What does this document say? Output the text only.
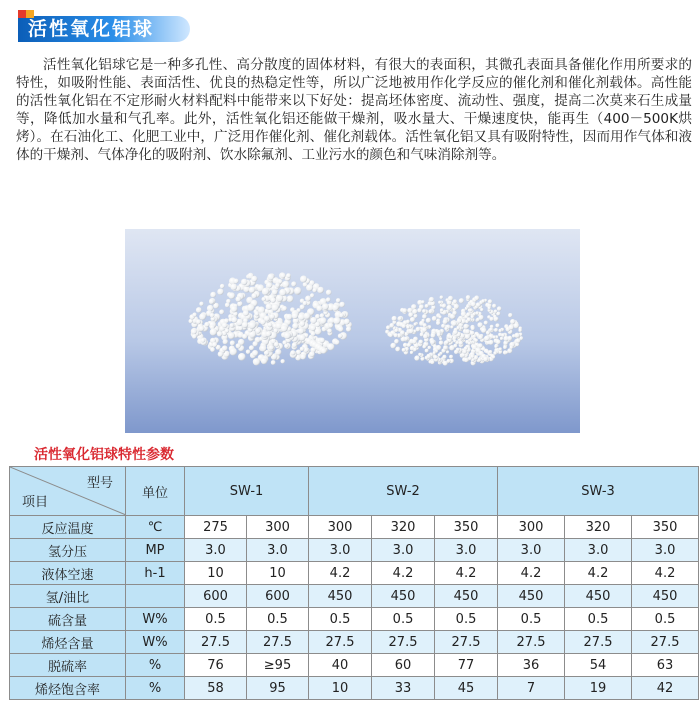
活性氧化铝球

活性氧化铝球它是一种多孔性、高分散度的固体材料，有很大的表面积，其微孔表面具备催化作用所要求的特性，如吸附性能、表面活性、优良的热稳定性等，所以广泛地被用作化学反应的催化剂和催化剂载体。高性能的活性氧化铝在不定形耐火材料配料中能带来以下好处：提高坯体密度、流动性、强度，提高二次莫来石生成量等，降低加水量和气孔率。此外，活性氧化铝还能做干燥剂，吸水量大、干燥速度快，能再生（400－500K烘烤）。在石油化工、化肥工业中，广泛用作催化剂、催化剂载体。活性氧化铝又具有吸附特性，因而用作气体和液体的干燥剂、气体净化的吸附剂、饮水除氟剂、工业污水的颜色和气味消除剂等。

活性氧化铝球特性参数
型号
项目	单位	SW-1		SW-2			SW-3		
反应温度	℃	275	300	300	320	350	300	320	350
氢分压	MP	3.0	3.0	3.0	3.0	3.0	3.0	3.0	3.0
液体空速	h-1	10	10	4.2	4.2	4.2	4.2	4.2	4.2
氢/油比		600	600	450	450	450	450	450	450
硫含量	W%	0.5	0.5	0.5	0.5	0.5	0.5	0.5	0.5
烯烃含量	W%	27.5	27.5	27.5	27.5	27.5	27.5	27.5	27.5
脱硫率	%	76	≥95	40	60	77	36	54	63
烯烃饱含率	%	58	95	10	33	45	7	19	42
